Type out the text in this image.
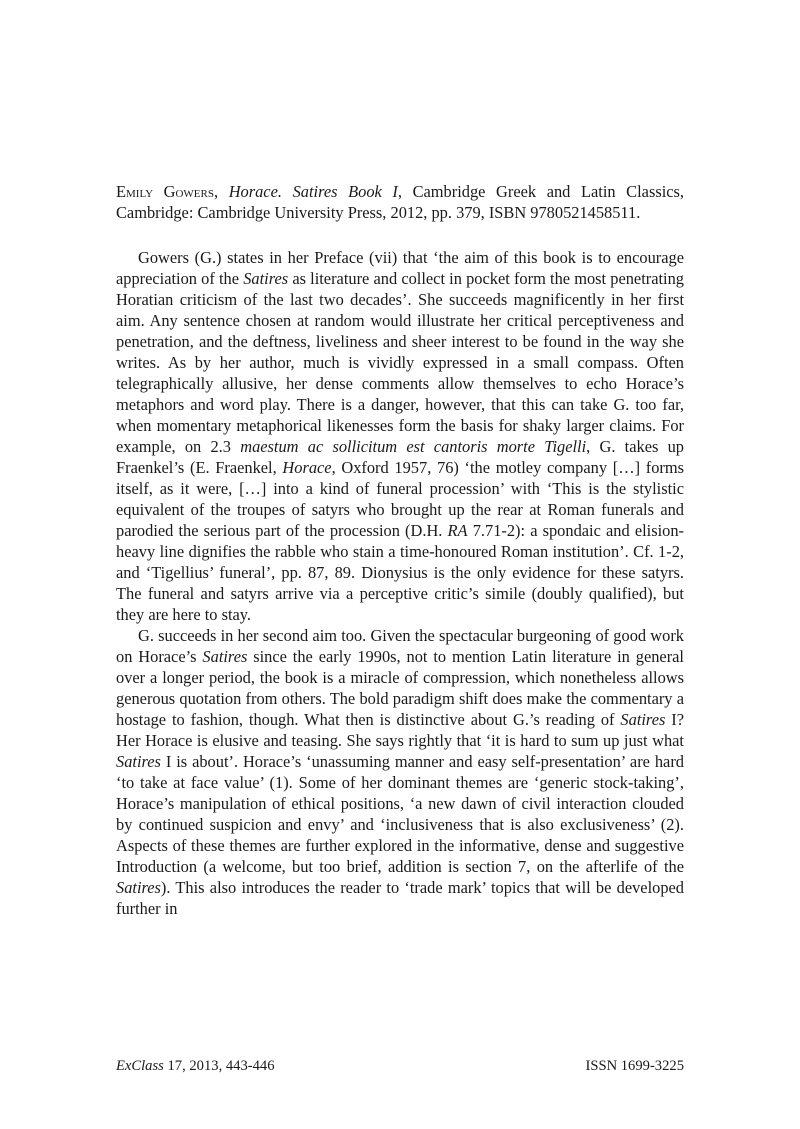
Emily Gowers, Horace. Satires Book I, Cambridge Greek and Latin Classics, Cambridge: Cambridge University Press, 2012, pp. 379, ISBN 9780521458511.

Gowers (G.) states in her Preface (vii) that ‘the aim of this book is to encourage appreciation of the Satires as literature and collect in pocket form the most penetrating Horatian criticism of the last two decades’. She succeeds magnificently in her first aim. Any sentence chosen at random would illustrate her critical perceptiveness and penetration, and the deftness, liveliness and sheer interest to be found in the way she writes. As by her author, much is vividly expressed in a small compass. Often telegraphically allusive, her dense comments allow themselves to echo Horace’s metaphors and word play. There is a danger, however, that this can take G. too far, when momentary metaphorical likenesses form the basis for shaky larger claims. For example, on 2.3 maestum ac sollicitum est cantoris morte Tigelli, G. takes up Fraenkel’s (E. Fraenkel, Horace, Oxford 1957, 76) ‘the motley company […] forms itself, as it were, […] into a kind of funeral procession’ with ‘This is the stylistic equivalent of the troupes of satyrs who brought up the rear at Roman funerals and parodied the serious part of the procession (D.H. RA 7.71-2): a spondaic and elision-heavy line dignifies the rabble who stain a time-honoured Roman institution’. Cf. 1-2, and ‘Tigellius’ funeral’, pp. 87, 89. Dionysius is the only evidence for these satyrs. The funeral and satyrs arrive via a perceptive critic’s simile (doubly qualified), but they are here to stay.

G. succeeds in her second aim too. Given the spectacular burgeoning of good work on Horace’s Satires since the early 1990s, not to mention Latin literature in general over a longer period, the book is a miracle of compression, which nonetheless allows generous quotation from others. The bold paradigm shift does make the commentary a hostage to fashion, though. What then is distinctive about G.’s reading of Satires I? Her Horace is elusive and teasing. She says rightly that ‘it is hard to sum up just what Satires I is about’. Horace’s ‘unassuming manner and easy self-presentation’ are hard ‘to take at face value’ (1). Some of her dominant themes are ‘generic stock-taking’, Horace’s manipulation of ethical positions, ‘a new dawn of civil interaction clouded by continued suspicion and envy’ and ‘inclusiveness that is also exclusiveness’ (2). Aspects of these themes are further explored in the informative, dense and suggestive Introduction (a welcome, but too brief, addition is section 7, on the afterlife of the Satires). This also introduces the reader to ‘trade mark’ topics that will be developed further in

ExClass 17, 2013, 443-446	ISSN 1699-3225
